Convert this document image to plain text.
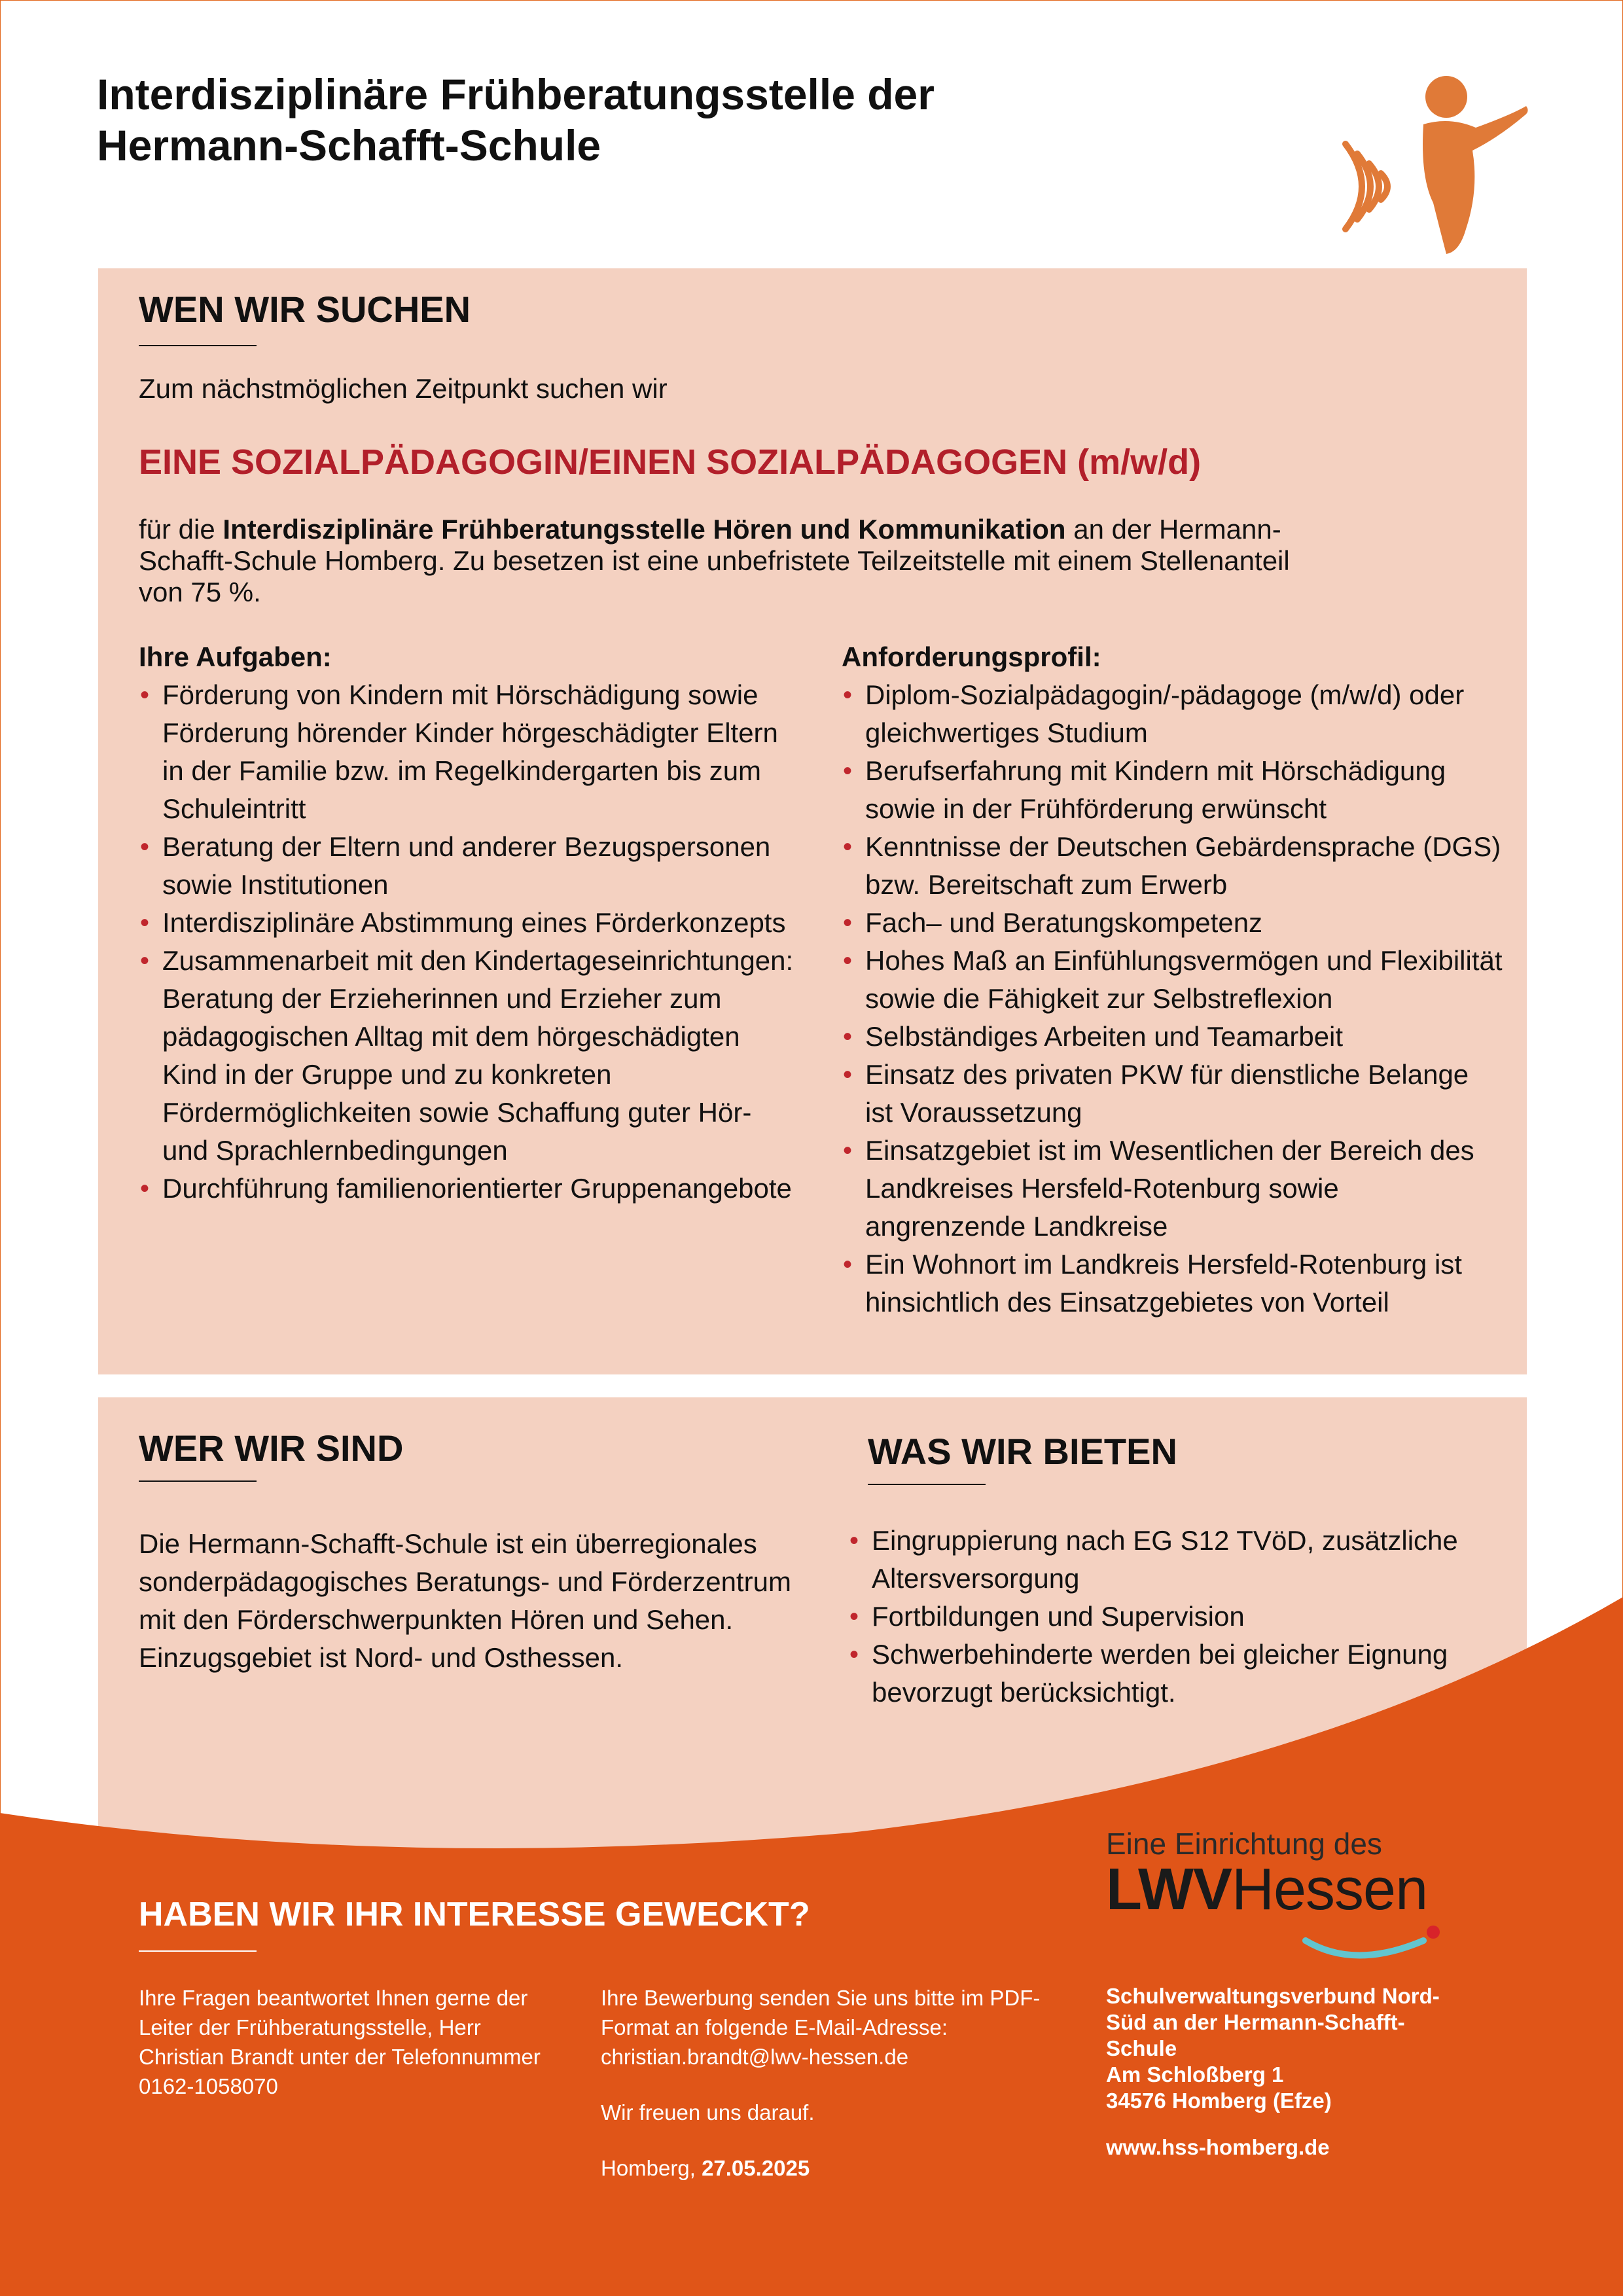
Interdisziplinäre Frühberatungsstelle der
Hermann-Schafft-Schule
WEN WIR SUCHEN
Zum nächstmöglichen Zeitpunkt suchen wir
EINE SOZIALPÄDAGOGIN/EINEN SOZIALPÄDAGOGEN (m/w/d)
für die Interdisziplinäre Frühberatungsstelle Hören und Kommunikation an der Hermann-Schafft-Schule Homberg. Zu besetzen ist eine unbefristete Teilzeitstelle mit einem Stellenanteil von 75 %.
Ihre Aufgaben:
• Förderung von Kindern mit Hörschädigung sowie Förderung hörender Kinder hörgeschädigter Eltern in der Familie bzw. im Regelkindergarten bis zum Schuleintritt
• Beratung der Eltern und anderer Bezugspersonen sowie Institutionen
• Interdisziplinäre Abstimmung eines Förderkonzepts
• Zusammenarbeit mit den Kindertageseinrichtungen: Beratung der Erzieherinnen und Erzieher zum pädagogischen Alltag mit dem hörgeschädigten Kind in der Gruppe und zu konkreten Fördermöglichkeiten sowie Schaffung guter Hör- und Sprachlernbedingungen
• Durchführung familienorientierter Gruppenangebote
Anforderungsprofil:
• Diplom-Sozialpädagogin/-pädagoge (m/w/d) oder gleichwertiges Studium
• Berufserfahrung mit Kindern mit Hörschädigung sowie in der Frühförderung erwünscht
• Kenntnisse der Deutschen Gebärdensprache (DGS) bzw. Bereitschaft zum Erwerb
• Fach– und Beratungskompetenz
• Hohes Maß an Einfühlungsvermögen und Flexibilität sowie die Fähigkeit zur Selbstreflexion
• Selbständiges Arbeiten und Teamarbeit
• Einsatz des privaten PKW für dienstliche Belange ist Voraussetzung
• Einsatzgebiet ist im Wesentlichen der Bereich des Landkreises Hersfeld-Rotenburg sowie angrenzende Landkreise
• Ein Wohnort im Landkreis Hersfeld-Rotenburg ist hinsichtlich des Einsatzgebietes von Vorteil
WER WIR SIND
Die Hermann-Schafft-Schule ist ein überregionales sonderpädagogisches Beratungs- und Förderzentrum mit den Förderschwerpunkten Hören und Sehen. Einzugsgebiet ist Nord- und Osthessen.
WAS WIR BIETEN
• Eingruppierung nach EG S12 TVöD, zusätzliche Altersversorgung
• Fortbildungen und Supervision
• Schwerbehinderte werden bei gleicher Eignung bevorzugt berücksichtigt.
HABEN WIR IHR INTERESSE GEWECKT?

Ihre Fragen beantwortet Ihnen gerne der Leiter der Frühberatungsstelle, Herr Christian Brandt unter der Telefonnummer 0162-1058070

Ihre Bewerbung senden Sie uns bitte im PDF-Format an folgende E-Mail-Adresse: christian.brandt@lwv-hessen.de

Wir freuen uns darauf.

Homberg, 27.05.2025

Eine Einrichtung des
LWVHessen
Schulverwaltungsverbund Nord-
Süd an der Hermann-Schafft-
Schule
Am Schloßberg 1
34576 Homberg (Efze)
www.hss-homberg.de
